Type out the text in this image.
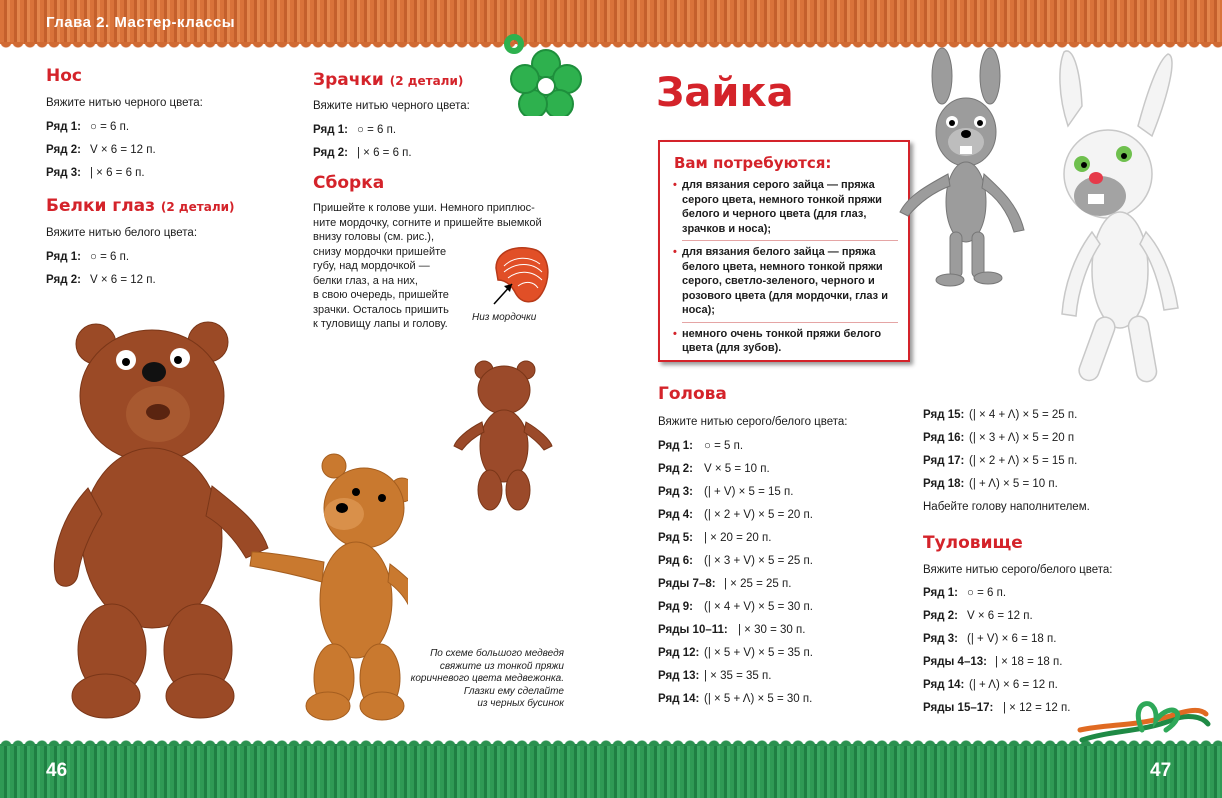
Глава 2. Мастер-классы
46	47

Нос

Вяжите нитью черного цвета:
Ряд 1: ○ = 6 п.
Ряд 2: V × 6 = 12 п.
Ряд 3: | × 6 = 6 п.

Белки глаз (2 детали)

Вяжите нитью белого цвета:
Ряд 1: ○ = 6 п.
Ряд 2: V × 6 = 12 п.

Зрачки (2 детали)

Вяжите нитью черного цвета:
Ряд 1: ○ = 6 п.
Ряд 2: | × 6 = 6 п.

Сборка

Пришейте к голове уши. Немного приплюс-
ните мордочку, согните и пришейте выемкой
внизу головы (см. рис.),
снизу мордочки пришейте
губу, над мордочкой —
белки глаз, а на них,
в свою очередь, пришейте
зрачки. Осталось пришить
к туловищу лапы и голову.
Низ мордочки
По схеме большого медведя
свяжите из тонкой пряжи
коричневого цвета медвежонка.
Глазки ему сделайте
из черных бусинок
Зайка
Вам потребуются:
• для вязания серого зайца — пряжа серого цвета, немного тонкой пряжи белого и черного цвета (для глаз, зрачков и носа);
• для вязания белого зайца — пряжа белого цвета, немного тонкой пряжи серого, светло-зеленого, черного и розового цвета (для мордочки, глаз и носа);
• немного очень тонкой пряжи белого цвета (для зубов).

Голова

Вяжите нитью серого/белого цвета:
Ряд 1: ○ = 5 п.
Ряд 2: V × 5 = 10 п.
Ряд 3: (| + V) × 5 = 15 п.
Ряд 4: (| × 2 + V) × 5 = 20 п.
Ряд 5: | × 20 = 20 п.
Ряд 6: (| × 3 + V) × 5 = 25 п.
Ряды 7–8: | × 25 = 25 п.
Ряд 9: (| × 4 + V) × 5 = 30 п.
Ряды 10–11: | × 30 = 30 п.
Ряд 12: (| × 5 + V) × 5 = 35 п.
Ряд 13: | × 35 = 35 п.
Ряд 14: (| × 5 + Λ) × 5 = 30 п.
Ряд 15: (| × 4 + Λ) × 5 = 25 п.
Ряд 16: (| × 3 + Λ) × 5 = 20 п
Ряд 17: (| × 2 + Λ) × 5 = 15 п.
Ряд 18: (| + Λ) × 5 = 10 п.
Набейте голову наполнителем.

Туловище

Вяжите нитью серого/белого цвета:
Ряд 1: ○ = 6 п.
Ряд 2: V × 6 = 12 п.
Ряд 3: (| + V) × 6 = 18 п.
Ряды 4–13: | × 18 = 18 п.
Ряд 14: (| + Λ) × 6 = 12 п.
Ряды 15–17: | × 12 = 12 п.
